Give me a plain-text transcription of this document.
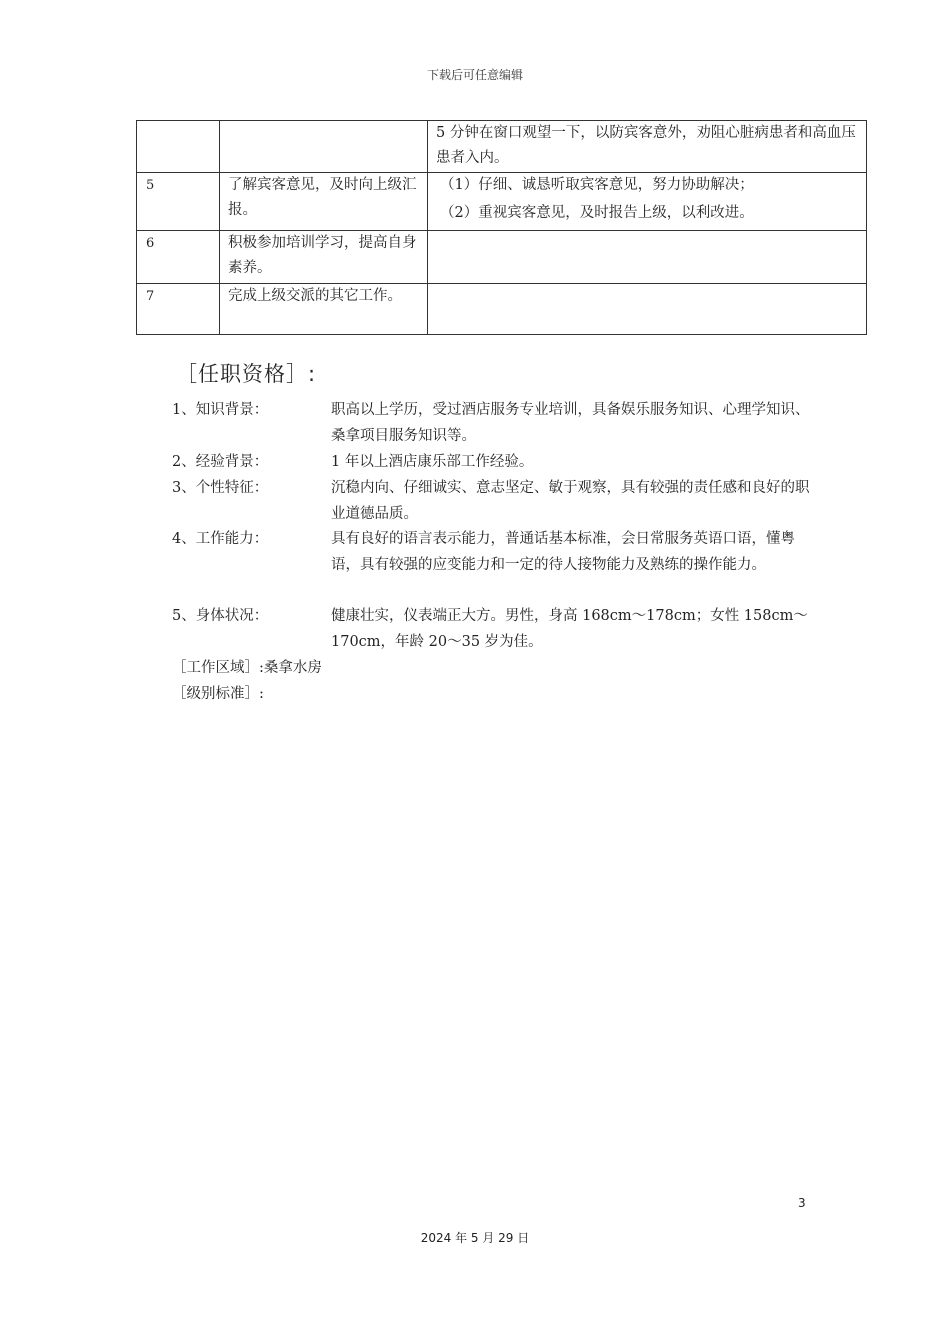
下载后可任意编辑

		5 分钟在窗口观望一下，以防宾客意外，劝阻心脏病患者和高血压患者入内。

5	了解宾客意见，及时向上级汇报。	（1）仔细、诚恳听取宾客意见，努力协助解决；
（2）重视宾客意见，及时报告上级，以利改进。

6	积极参加培训学习，提高自身素养。	
7	完成上级交派的其它工作。	
［任职资格］:
1、知识背景：	职高以上学历，受过酒店服务专业培训，具备娱乐服务知识、心理学知识、桑拿项目服务知识等。
2、经验背景：	1 年以上酒店康乐部工作经验。
3、个性特征：	沉稳内向、仔细诚实、意志坚定、敏于观察，具有较强的责任感和良好的职业道德品质。
4、工作能力：	具有良好的语言表示能力，普通话基本标准，会日常服务英语口语，懂粤语，具有较强的应变能力和一定的待人接物能力及熟练的操作能力。
5、身体状况：	健康壮实，仪表端正大方。男性，身高 168cm～178cm；女性 158cm～170cm，年龄 20～35 岁为佳。
［工作区域］:桑拿水房
［级别标准］:
3
2024 年 5 月 29 日
